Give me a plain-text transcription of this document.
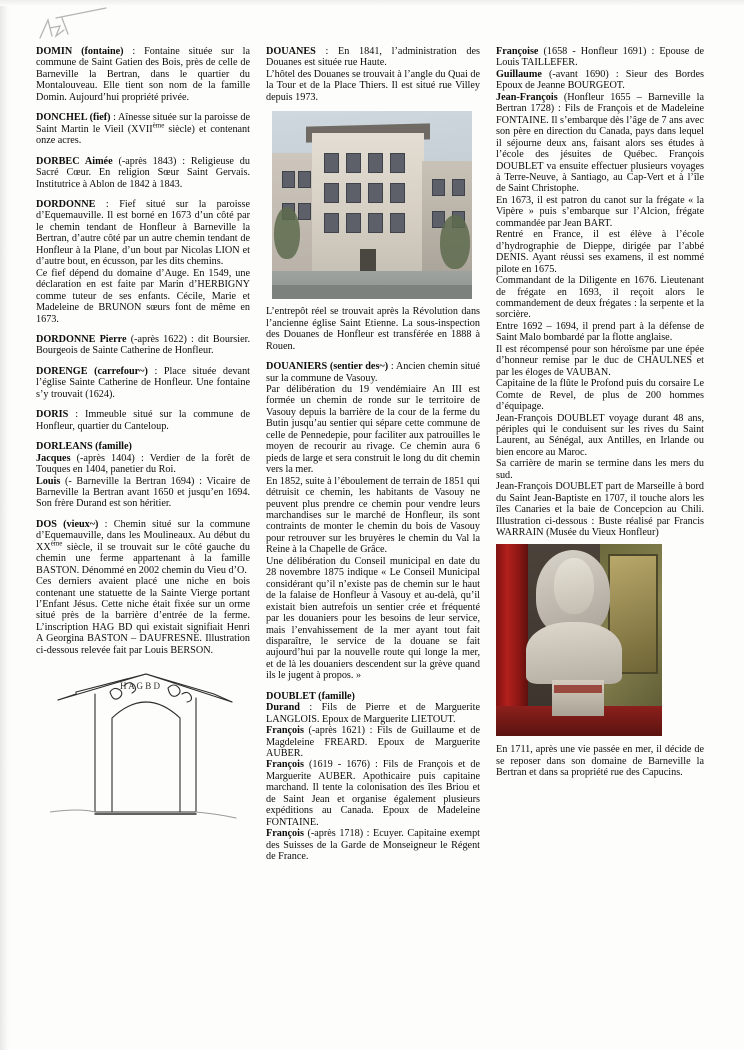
DOMIN (fontaine) : Fontaine située sur la commune de Saint Gatien des Bois, près de celle de Barneville la Bertran, dans le quartier du Montalouveau. Elle tient son nom de la famille Domin. Aujourd’hui propriété privée.

DONCHEL (fief) : Aînesse située sur la paroisse de Saint Martin le Vieil (XVIIème siècle) et contenant onze acres.

DORBEC Aimée (-après 1843) : Religieuse du Sacré Cœur. En religion Sœur Saint Gervais. Institutrice à Ablon de 1842 à 1843.

DORDONNE : Fief situé sur la paroisse d’Equemauville. Il est borné en 1673 d’un côté par le chemin tendant de Honfleur à Barneville la Bertran, d’autre côté par un autre chemin tendant de Honfleur à la Plane, d’un bout par Nicolas LION et d’autre bout, en écusson, par les dits chemins.

Ce fief dépend du domaine d’Auge. En 1549, une déclaration en est faite par Marin d’HERBIGNY comme tuteur de ses enfants. Cécile, Marie et Madeleine de BRUNON sœurs font de même en 1673.

DORDONNE Pierre (-après 1622) : dit Boursier. Bourgeois de Sainte Catherine de Honfleur.

DORENGE (carrefour~) : Place située devant l’église Sainte Catherine de Honfleur. Une fontaine s’y trouvait (1624).

DORIS : Immeuble situé sur la commune de Honfleur, quartier du Canteloup.

DORLEANS (famille)

Jacques (-après 1404) : Verdier de la forêt de Touques en 1404, panetier du Roi.

Louis (- Barneville la Bertran 1694) : Vicaire de Barneville la Bertran avant 1650 et jusqu’en 1694. Son frère Durand est son héritier.

DOS (vieux~) : Chemin situé sur la commune d’Equemauville, dans les Moulineaux. Au début du XXème siècle, il se trouvait sur le côté gauche du chemin une ferme appartenant à la famille BASTON. Dénommé en 2002 chemin du Vieu d’O.

Ces derniers avaient placé une niche en bois contenant une statuette de la Sainte Vierge portant l’Enfant Jésus. Cette niche était fixée sur un orme situé près de la barrière d’entrée de la ferme. L’inscription HAG BD qui existait signifiait Henri A Georgina BASTON – DAUFRESNE. Illustration ci-dessous relevée fait par Louis BERSON.

H A G B D

DOUANES : En 1841, l’administration des Douanes est située rue Haute.

L’hôtel des Douanes se trouvait à l’angle du Quai de la Tour et de la Place Thiers. Il est situé rue Villey depuis 1973.

L’entrepôt réel se trouvait après la Révolution dans l’ancienne église Saint Etienne. La sous-inspection des Douanes de Honfleur est transférée en 1888 à Rouen.

DOUANIERS (sentier des~) : Ancien chemin situé sur la commune de Vasouy.

Par délibération du 19 vendémiaire An III est formée un chemin de ronde sur le territoire de Vasouy depuis la barrière de la cour de la ferme du Butin jusqu’au sentier qui sépare cette commune de celle de Pennedepie, pour faciliter aux patrouilles le moyen de recourir au rivage. Ce chemin aura 6 pieds de large et sera construit le long du dit chemin vers la mer.

En 1852, suite à l’éboulement de terrain de 1851 qui détruisit ce chemin, les habitants de Vasouy ne peuvent plus prendre ce chemin pour vendre leurs marchandises sur le marché de Honfleur, ils sont contraints de monter le chemin du bois de Vasouy pour retrouver sur les bruyères le chemin du Val la Reine à la Chapelle de Grâce.

Une délibération du Conseil municipal en date du 28 novembre 1875 indique « Le Conseil Municipal considérant qu’il n’existe pas de chemin sur le haut de la falaise de Honfleur à Vasouy et au-delà, qu’il existait bien autrefois un sentier crée et fréquenté par les douaniers pour les besoins de leur service, mais l’envahissement de la mer ayant tout fait disparaître, le service de la douane se fait aujourd’hui par la nouvelle route qui longe la mer, et de là les douaniers descendent sur la grève quand ils le jugent à propos. »

DOUBLET (famille)

Durand : Fils de Pierre et de Marguerite LANGLOIS. Epoux de Marguerite LIETOUT.

François (-après 1621) : Fils de Guillaume et de Magdeleine FREARD. Epoux de Marguerite AUBER.

François (1619 - 1676) : Fils de François et de Marguerite AUBER. Apothicaire puis capitaine marchand. Il tente la colonisation des îles Briou et de Saint Jean et organise également plusieurs expéditions au Canada. Epoux de Madeleine FONTAINE.

François (-après 1718) : Ecuyer. Capitaine exempt des Suisses de la Garde de Monseigneur le Régent de France.

Françoise (1658 - Honfleur 1691) : Epouse de Louis TAILLEFER.

Guillaume (-avant 1690) : Sieur des Bordes Epoux de Jeanne BOURGEOT.

Jean-François (Honfleur 1655 – Barneville la Bertran 1728) : Fils de François et de Madeleine FONTAINE. Il s’embarque dès l’âge de 7 ans avec son père en direction du Canada, pays dans lequel il séjourne deux ans, faisant alors ses études à l’école des jésuites de Québec. François DOUBLET va ensuite effectuer plusieurs voyages à Terre-Neuve, à Santiago, au Cap-Vert et à l’île de Saint Christophe.

En 1673, il est patron du canot sur la frégate « la Vipère » puis s’embarque sur l’Alcion, frégate commandée par Jean BART.

Rentré en France, il est élève à l’école d’hydrographie de Dieppe, dirigée par l’abbé DENIS. Ayant réussi ses examens, il est nommé pilote en 1675.

Commandant de la Diligente en 1676. Lieutenant de frégate en 1693, il reçoit alors le commandement de deux frégates : la serpente et la sorcière.

Entre 1692 – 1694, il prend part à la défense de Saint Malo bombardé par la flotte anglaise.

Il est récompensé pour son héroïsme par une épée d’honneur remise par le duc de CHAULNES et par les éloges de VAUBAN.

Capitaine de la flûte le Profond puis du corsaire Le Comte de Revel, de plus de 200 hommes d’équipage.

Jean-François DOUBLET voyage durant 48 ans, périples qui le conduisent sur les rives du Saint Laurent, au Sénégal, aux Antilles, en Irlande ou bien encore au Maroc.

Sa carrière de marin se termine dans les mers du sud.

Jean-François DOUBLET part de Marseille à bord du Saint Jean-Baptiste en 1707, il touche alors les îles Canaries et la baie de Concepcion au Chili. Illustration ci-dessous : Buste réalisé par Francis WARRAIN (Musée du Vieux Honfleur)

En 1711, après une vie passée en mer, il décide de se reposer dans son domaine de Barneville la Bertran et dans sa propriété rue des Capucins.
